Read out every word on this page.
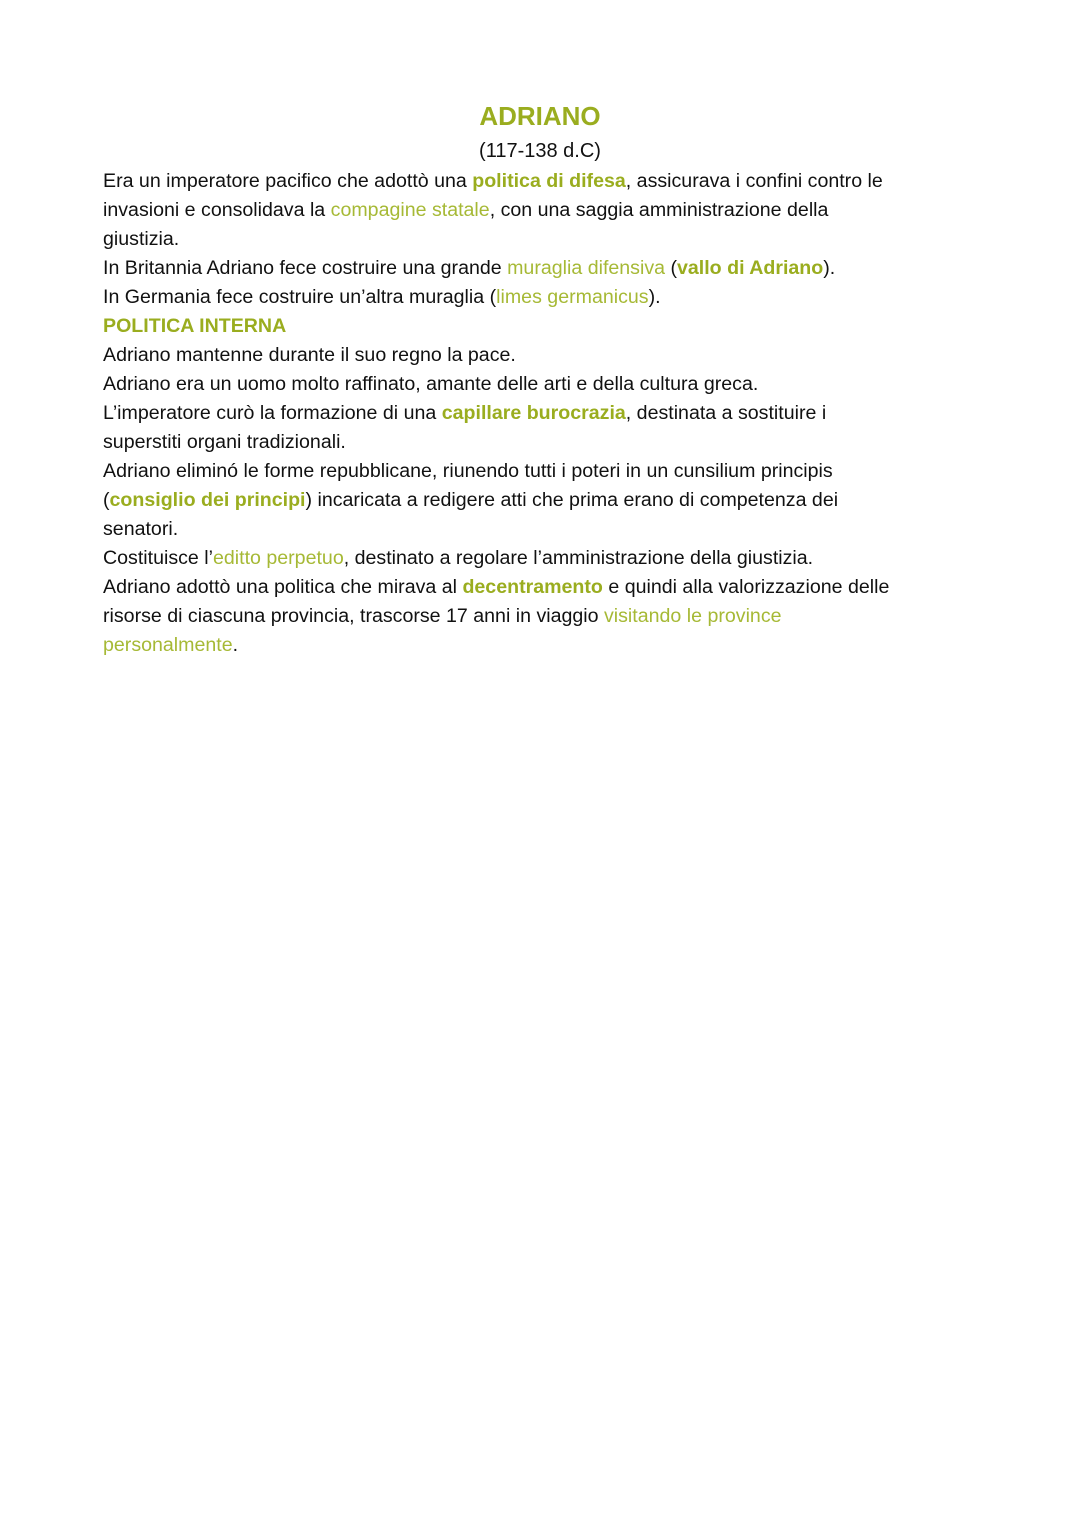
ADRIANO
(117-138 d.C)
Era un imperatore pacifico che adottò una politica di difesa, assicurava i confini contro le
invasioni e consolidava la compagine statale, con una saggia amministrazione della
giustizia.
In Britannia Adriano fece costruire una grande muraglia difensiva (vallo di Adriano).
In Germania fece costruire un’altra muraglia (limes germanicus).
POLITICA INTERNA
Adriano mantenne durante il suo regno la pace.
Adriano era un uomo molto raffinato, amante delle arti e della cultura greca.
L’imperatore curò la formazione di una capillare burocrazia, destinata a sostituire i
superstiti organi tradizionali.
Adriano eliminó le forme repubblicane, riunendo tutti i poteri in un cunsilium principis
(consiglio dei principi) incaricata a redigere atti che prima erano di competenza dei
senatori.
Costituisce l’editto perpetuo, destinato a regolare l’amministrazione della giustizia.
Adriano adottò una politica che mirava al decentramento e quindi alla valorizzazione delle
risorse di ciascuna provincia, trascorse 17 anni in viaggio visitando le province
personalmente.
